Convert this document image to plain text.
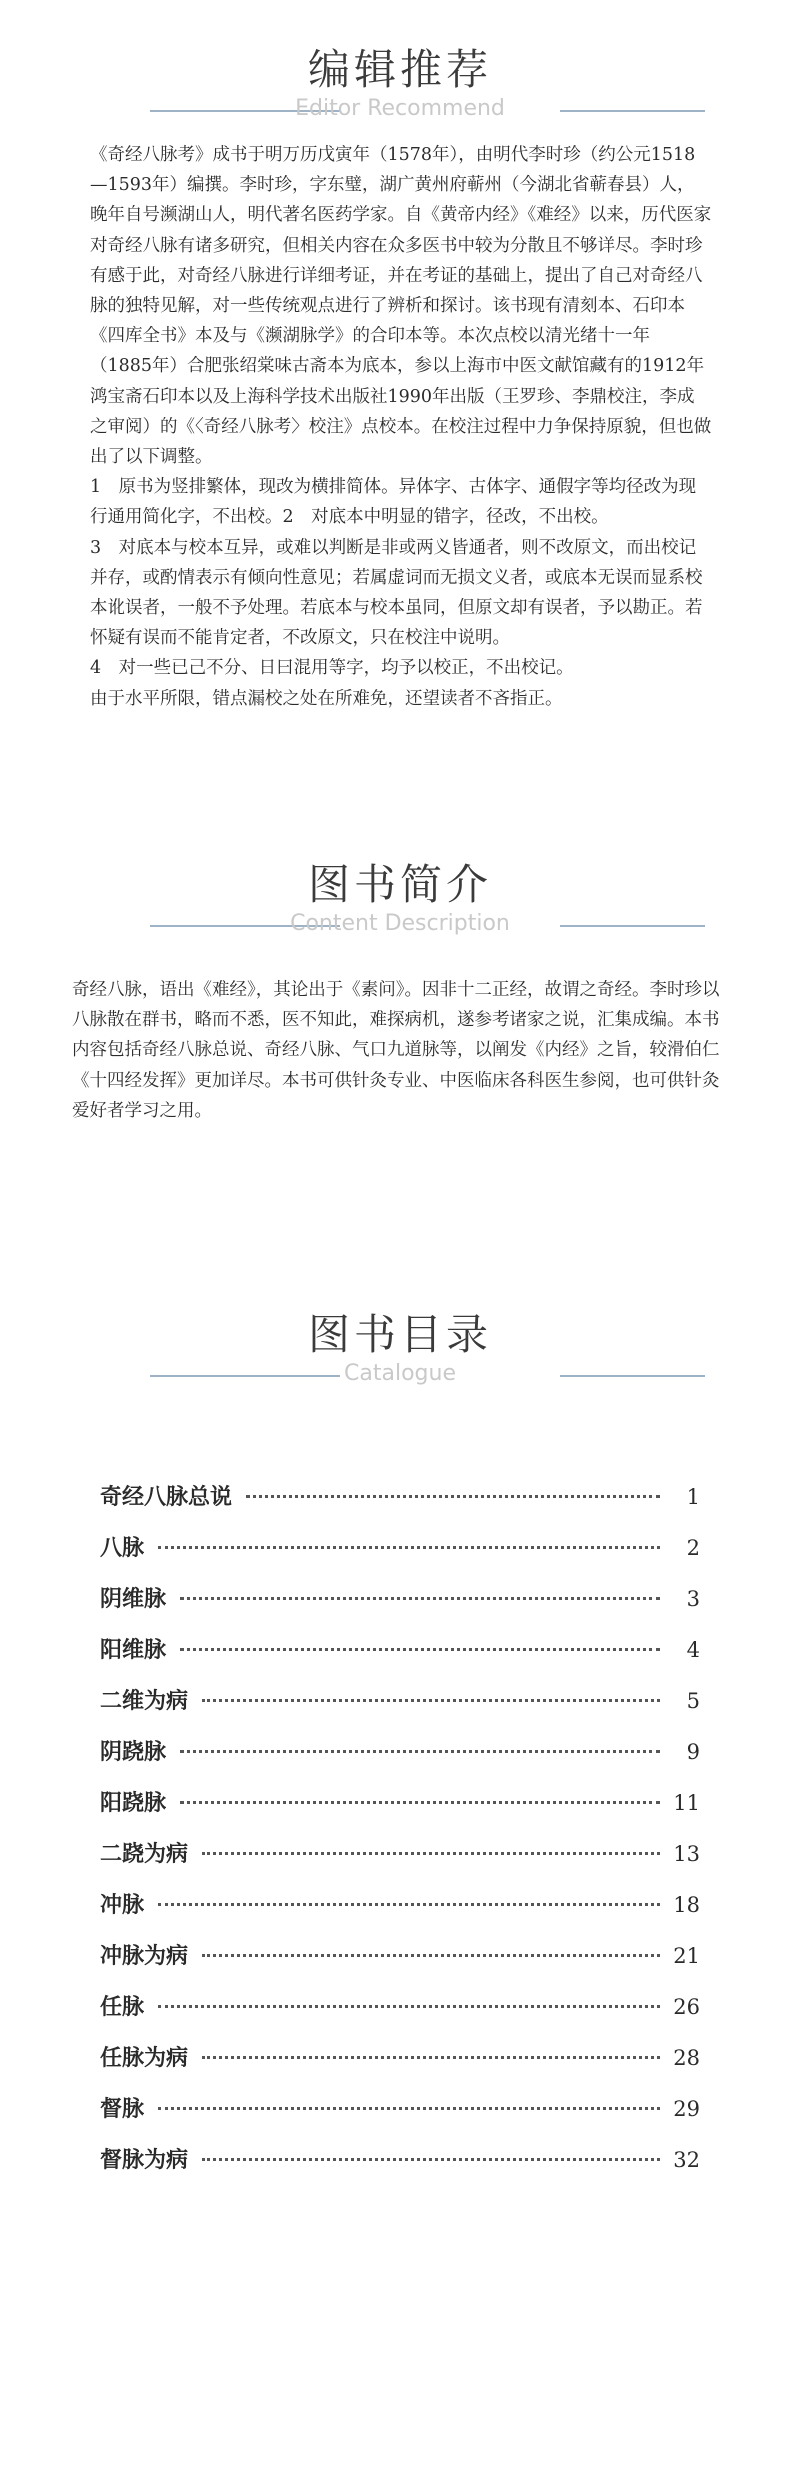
编辑推荐
Editor Recommend

《奇经八脉考》成书于明万历戊寅年（1578年），由明代李时珍（约公元1518—1593年）编撰。李时珍，字东璧，湖广黄州府蕲州（今湖北省蕲春县）人，晚年自号濒湖山人，明代著名医药学家。自《黄帝内经》《难经》以来，历代医家对奇经八脉有诸多研究，但相关内容在众多医书中较为分散且不够详尽。李时珍有感于此，对奇经八脉进行详细考证，并在考证的基础上，提出了自己对奇经八脉的独特见解，对一些传统观点进行了辨析和探讨。该书现有清刻本、石印本《四库全书》本及与《濒湖脉学》的合印本等。本次点校以清光绪十一年（1885年）合肥张绍棠味古斋本为底本，参以上海市中医文献馆藏有的1912年鸿宝斋石印本以及上海科学技术出版社1990年出版（王罗珍、李鼎校注，李成之审阅）的《〈奇经八脉考〉校注》点校本。在校注过程中力争保持原貌，但也做出了以下调整。

1　原书为竖排繁体，现改为横排简体。异体字、古体字、通假字等均径改为现行通用简化字，不出校。2　对底本中明显的错字，径改，不出校。

3　对底本与校本互异，或难以判断是非或两义皆通者，则不改原文，而出校记并存，或酌情表示有倾向性意见；若属虚词而无损文义者，或底本无误而显系校本讹误者，一般不予处理。若底本与校本虽同，但原文却有误者，予以勘正。若怀疑有误而不能肯定者，不改原文，只在校注中说明。

4　对一些已己不分、日曰混用等字，均予以校正，不出校记。

由于水平所限，错点漏校之处在所难免，还望读者不吝指正。

图书简介
Content Description

奇经八脉，语出《难经》，其论出于《素问》。因非十二正经，故谓之奇经。李时珍以八脉散在群书，略而不悉，医不知此，难探病机，遂参考诸家之说，汇集成编。本书内容包括奇经八脉总说、奇经八脉、气口九道脉等，以阐发《内经》之旨，较滑伯仁《十四经发挥》更加详尽。本书可供针灸专业、中医临床各科医生参阅，也可供针灸爱好者学习之用。

图书目录
Catalogue
奇经八脉总说	1
八脉	2
阴维脉	3
阳维脉	4
二维为病	5
阴跷脉	9
阳跷脉	11
二跷为病	13
冲脉	18
冲脉为病	21
任脉	26
任脉为病	28
督脉	29
督脉为病	32
